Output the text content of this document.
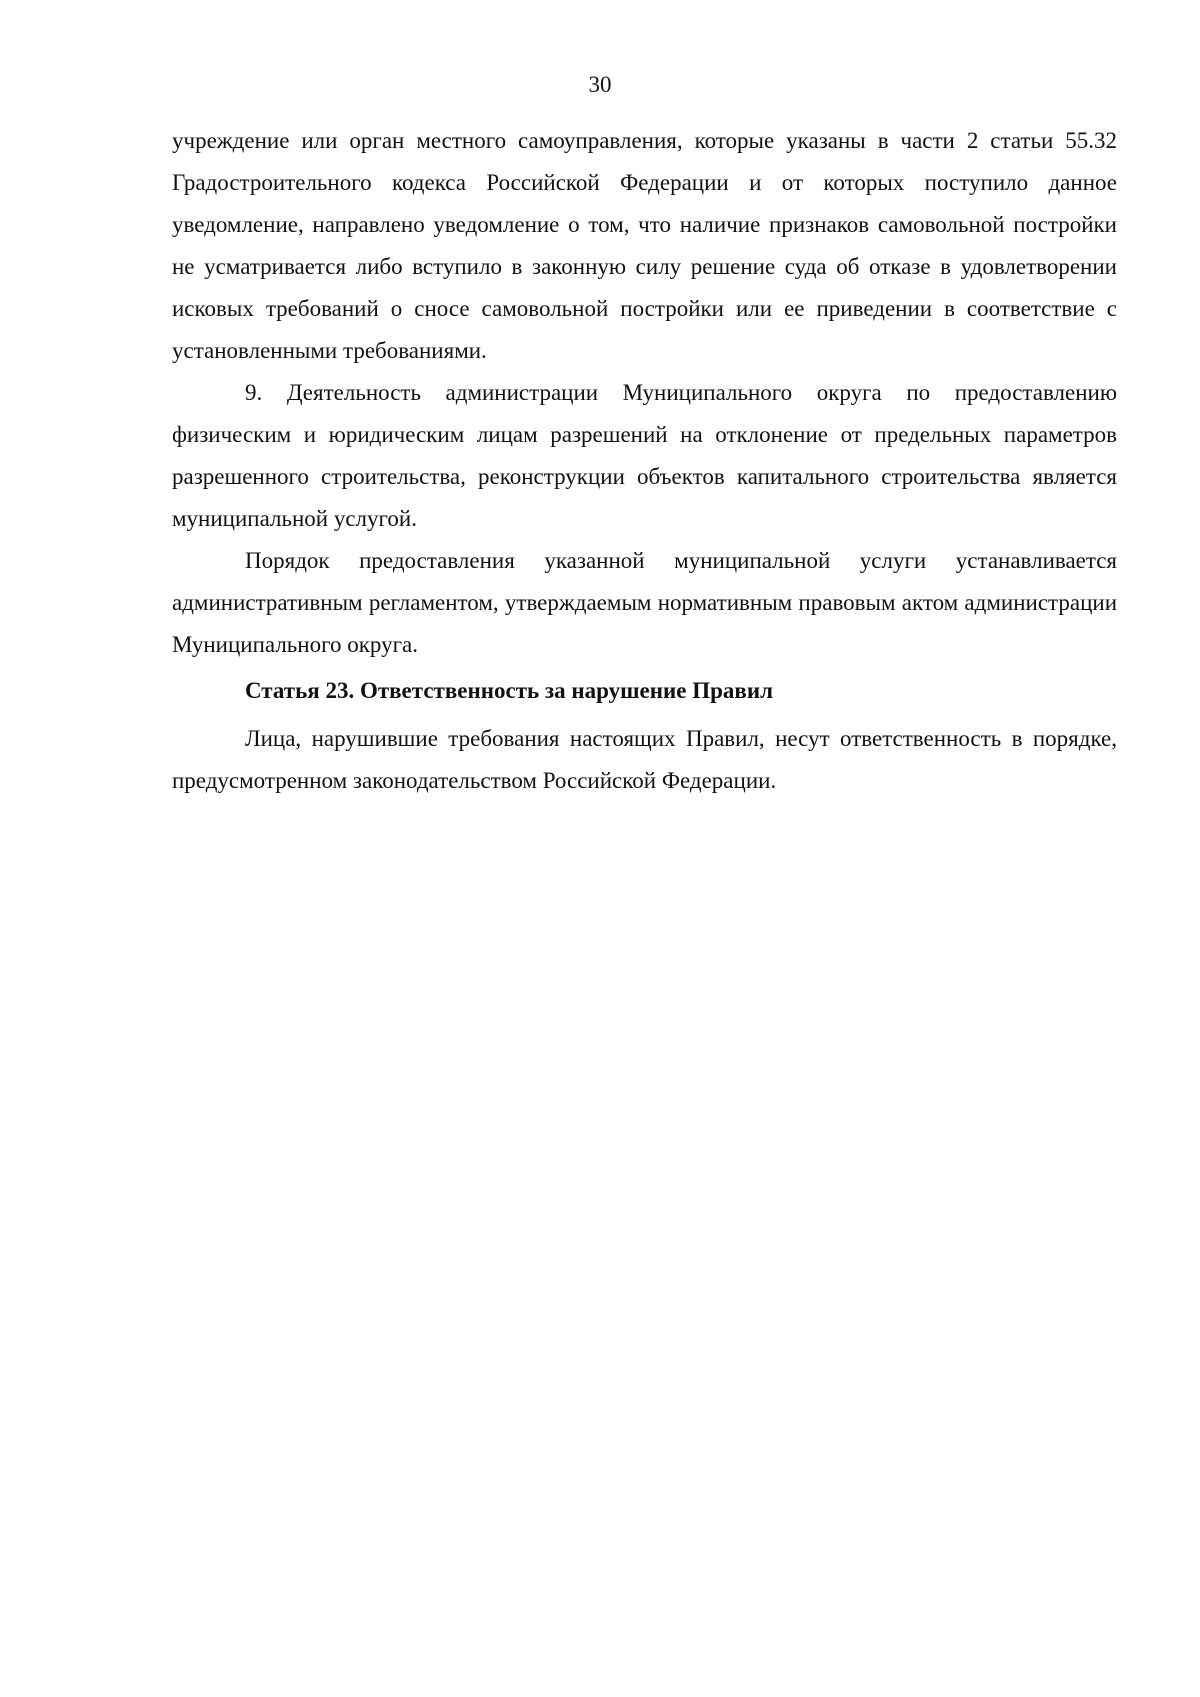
30

учреждение или орган местного самоуправления, которые указаны в части 2 статьи 55.32 Градостроительного кодекса Российской Федерации и от которых поступило данное уведомление, направлено уведомление о том, что наличие признаков самовольной постройки не усматривается либо вступило в законную силу решение суда об отказе в удовлетворении исковых требований о сносе самовольной постройки или ее приведении в соответствие с установленными требованиями.

9. Деятельность администрации Муниципального округа по предоставлению физическим и юридическим лицам разрешений на отклонение от предельных параметров разрешенного строительства, реконструкции объектов капитального строительства является муниципальной услугой.

Порядок предоставления указанной муниципальной услуги устанавливается административным регламентом, утверждаемым нормативным правовым актом администрации Муниципального округа.

Статья 23. Ответственность за нарушение Правил

Лица, нарушившие требования настоящих Правил, несут ответственность в порядке, предусмотренном законодательством Российской Федерации.
